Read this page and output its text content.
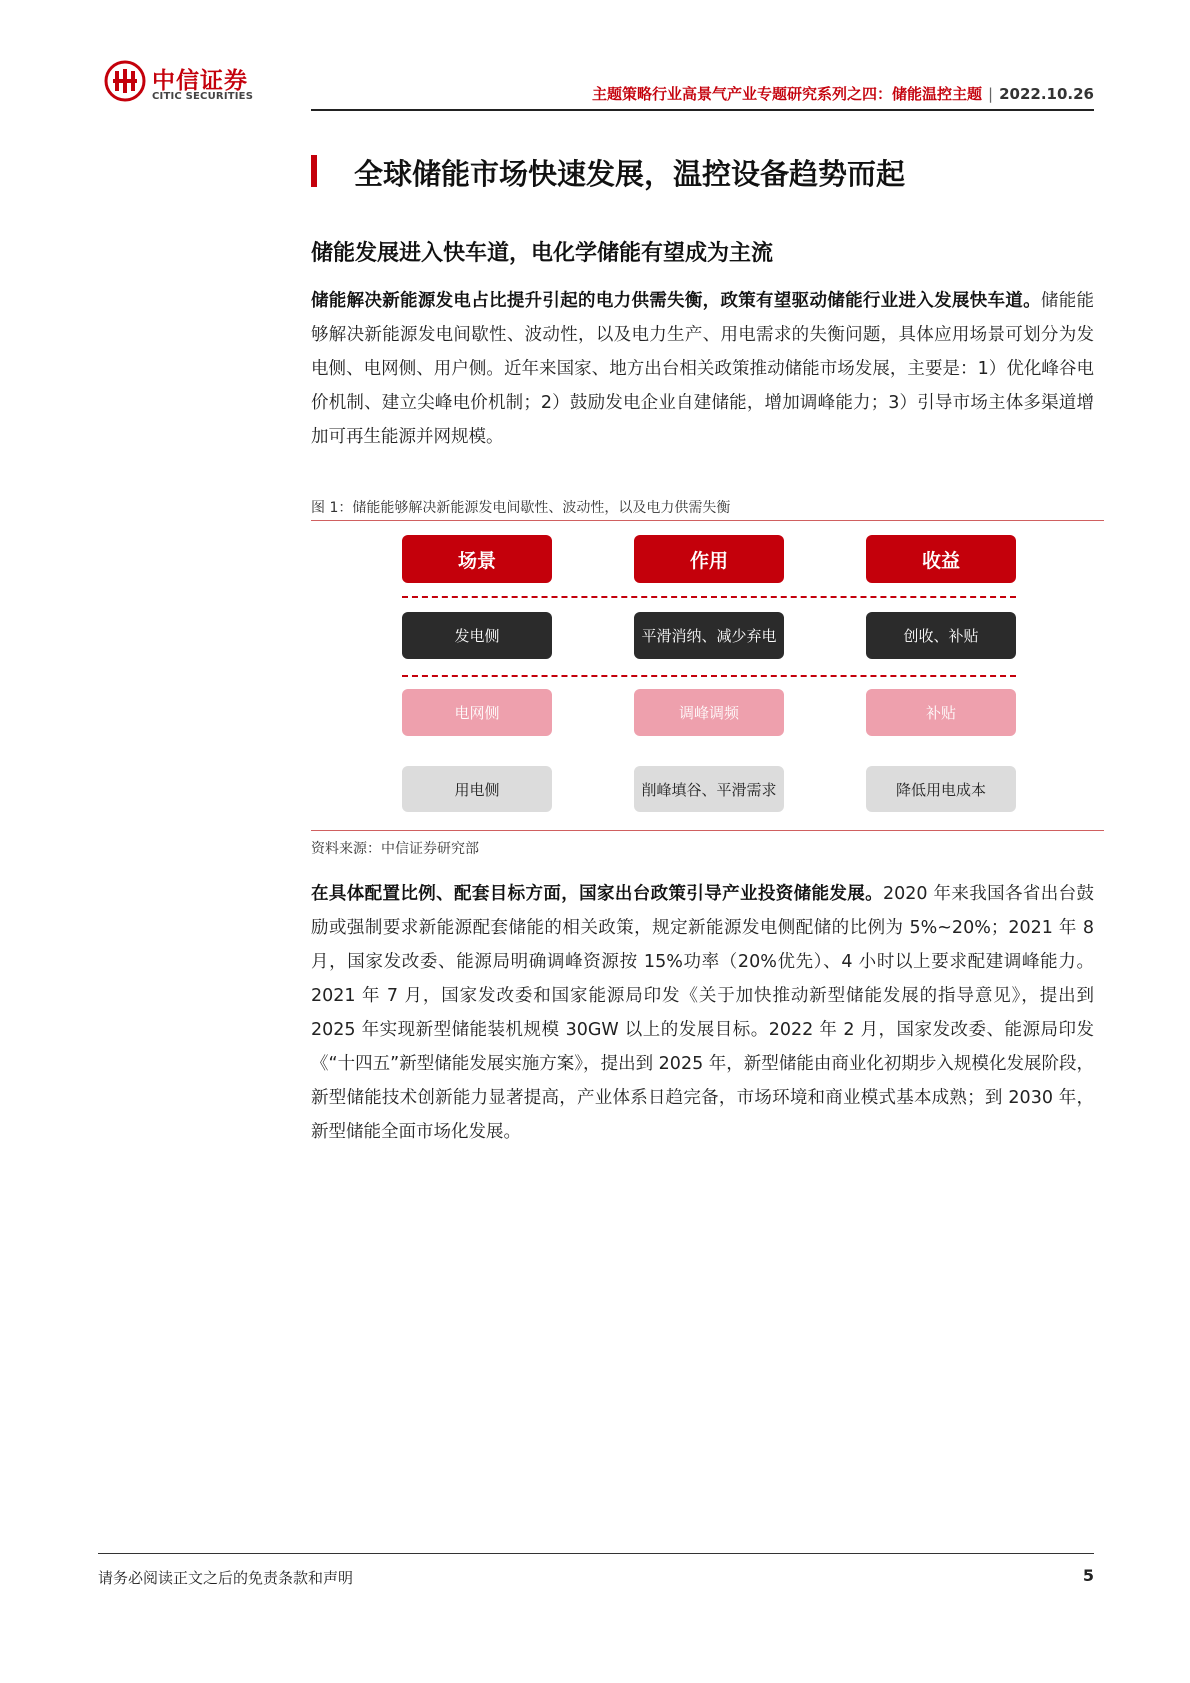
中信证券
CITIC SECURITIES	主题策略行业高景气产业专题研究系列之四：储能温控主题 | 2022.10.26
全球储能市场快速发展，温控设备趋势而起
储能发展进入快车道，电化学储能有望成为主流
储能解决新能源发电占比提升引起的电力供需失衡，政策有望驱动储能行业进入发展快车道。储能能够解决新能源发电间歇性、波动性，以及电力生产、用电需求的失衡问题，具体应用场景可划分为发电侧、电网侧、用户侧。近年来国家、地方出台相关政策推动储能市场发展，主要是：1）优化峰谷电价机制、建立尖峰电价机制；2）鼓励发电企业自建储能，增加调峰能力；3）引导市场主体多渠道增加可再生能源并网规模。
图 1：储能能够解决新能源发电间歇性、波动性，以及电力供需失衡
场景	作用	收益
发电侧	平滑消纳、减少弃电	创收、补贴
电网侧	调峰调频	补贴
用电侧	削峰填谷、平滑需求	降低用电成本
资料来源：中信证券研究部
在具体配置比例、配套目标方面，国家出台政策引导产业投资储能发展。2020 年来我国各省出台鼓励或强制要求新能源配套储能的相关政策，规定新能源发电侧配储的比例为 5%~20%；2021 年 8 月，国家发改委、能源局明确调峰资源按 15%功率（20%优先）、4 小时以上要求配建调峰能力。2021 年 7 月，国家发改委和国家能源局印发《关于加快推动新型储能发展的指导意见》，提出到 2025 年实现新型储能装机规模 30GW 以上的发展目标。2022 年 2 月，国家发改委、能源局印发《“十四五”新型储能发展实施方案》，提出到 2025 年，新型储能由商业化初期步入规模化发展阶段，新型储能技术创新能力显著提高，产业体系日趋完备，市场环境和商业模式基本成熟；到 2030 年，新型储能全面市场化发展。
请务必阅读正文之后的免责条款和声明	5
